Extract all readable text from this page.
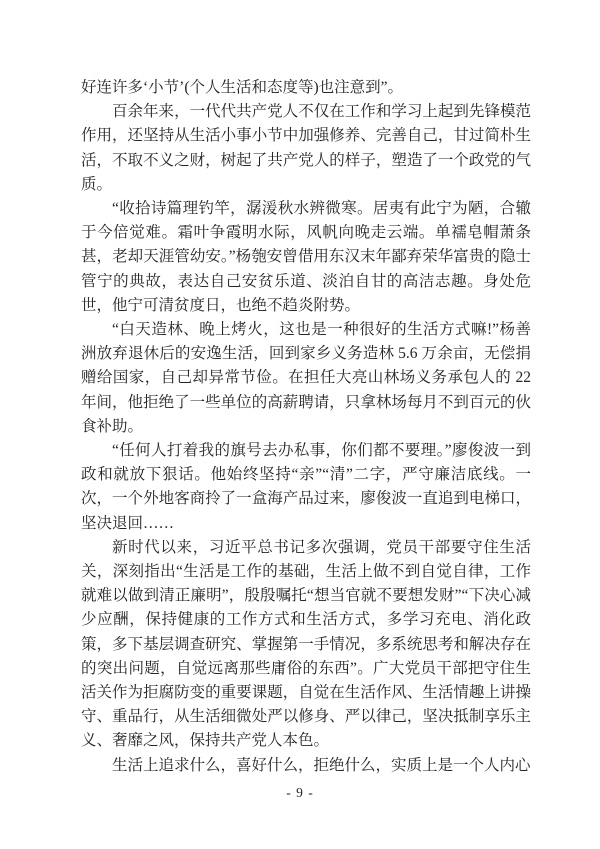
好连许多‘小节’(个人生活和态度等)也注意到”。

百余年来，一代代共产党人不仅在工作和学习上起到先锋模范作用，还坚持从生活小事小节中加强修养、完善自己，甘过简朴生活，不取不义之财，树起了共产党人的样子，塑造了一个政党的气质。

“收拾诗篇理钓竿，潺湲秋水辨微寒。居夷有此宁为陋，合辙于今倍觉难。霜叶争霞明水际，风帆向晚走云端。单襦皂帽萧条甚，老却天涯管幼安。”杨匏安曾借用东汉末年鄙弃荣华富贵的隐士管宁的典故，表达自己安贫乐道、淡泊自甘的高洁志趣。身处危世，他宁可清贫度日，也绝不趋炎附势。

“白天造林、晚上烤火，这也是一种很好的生活方式嘛!”杨善洲放弃退休后的安逸生活，回到家乡义务造林 5.6 万余亩，无偿捐赠给国家，自己却异常节俭。在担任大亮山林场义务承包人的 22 年间，他拒绝了一些单位的高薪聘请，只拿林场每月不到百元的伙食补助。

“任何人打着我的旗号去办私事，你们都不要理。”廖俊波一到政和就放下狠话。他始终坚持“亲”“清”二字，严守廉洁底线。一次，一个外地客商拎了一盒海产品过来，廖俊波一直追到电梯口，坚决退回……

新时代以来，习近平总书记多次强调，党员干部要守住生活关，深刻指出“生活是工作的基础，生活上做不到自觉自律，工作就难以做到清正廉明”，殷殷嘱托“想当官就不要想发财”“下决心减少应酬，保持健康的工作方式和生活方式，多学习充电、消化政策，多下基层调查研究、掌握第一手情况，多系统思考和解决存在的突出问题，自觉远离那些庸俗的东西”。广大党员干部把守住生活关作为拒腐防变的重要课题，自觉在生活作风、生活情趣上讲操守、重品行，从生活细微处严以修身、严以律己，坚决抵制享乐主义、奢靡之风，保持共产党人本色。

生活上追求什么，喜好什么，拒绝什么，实质上是一个人内心

- 9 -
